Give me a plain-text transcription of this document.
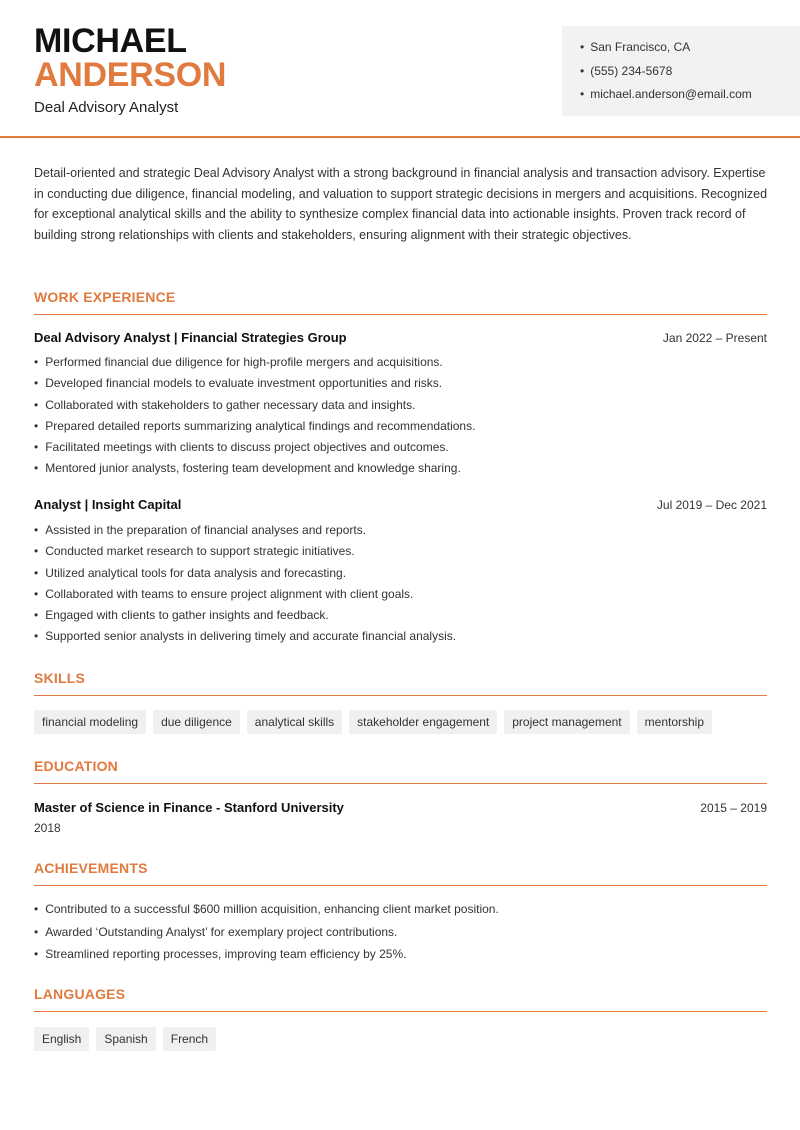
MICHAEL
ANDERSON
Deal Advisory Analyst
• San Francisco, CA
• (555) 234-5678
• michael.anderson@email.com
Detail-oriented and strategic Deal Advisory Analyst with a strong background in financial analysis and transaction advisory. Expertise in conducting due diligence, financial modeling, and valuation to support strategic decisions in mergers and acquisitions. Recognized for exceptional analytical skills and the ability to synthesize complex financial data into actionable insights. Proven track record of building strong relationships with clients and stakeholders, ensuring alignment with their strategic objectives.
WORK EXPERIENCE
Deal Advisory Analyst | Financial Strategies Group	Jan 2022 – Present
• Performed financial due diligence for high-profile mergers and acquisitions.
• Developed financial models to evaluate investment opportunities and risks.
• Collaborated with stakeholders to gather necessary data and insights.
• Prepared detailed reports summarizing analytical findings and recommendations.
• Facilitated meetings with clients to discuss project objectives and outcomes.
• Mentored junior analysts, fostering team development and knowledge sharing.
Analyst | Insight Capital	Jul 2019 – Dec 2021
• Assisted in the preparation of financial analyses and reports.
• Conducted market research to support strategic initiatives.
• Utilized analytical tools for data analysis and forecasting.
• Collaborated with teams to ensure project alignment with client goals.
• Engaged with clients to gather insights and feedback.
• Supported senior analysts in delivering timely and accurate financial analysis.
SKILLS
financial modeling	due diligence	analytical skills	stakeholder engagement	project management	mentorship
EDUCATION
Master of Science in Finance - Stanford University	2015 – 2019
2018
ACHIEVEMENTS
• Contributed to a successful $600 million acquisition, enhancing client market position.
• Awarded ‘Outstanding Analyst’ for exemplary project contributions.
• Streamlined reporting processes, improving team efficiency by 25%.
LANGUAGES
English	Spanish	French
